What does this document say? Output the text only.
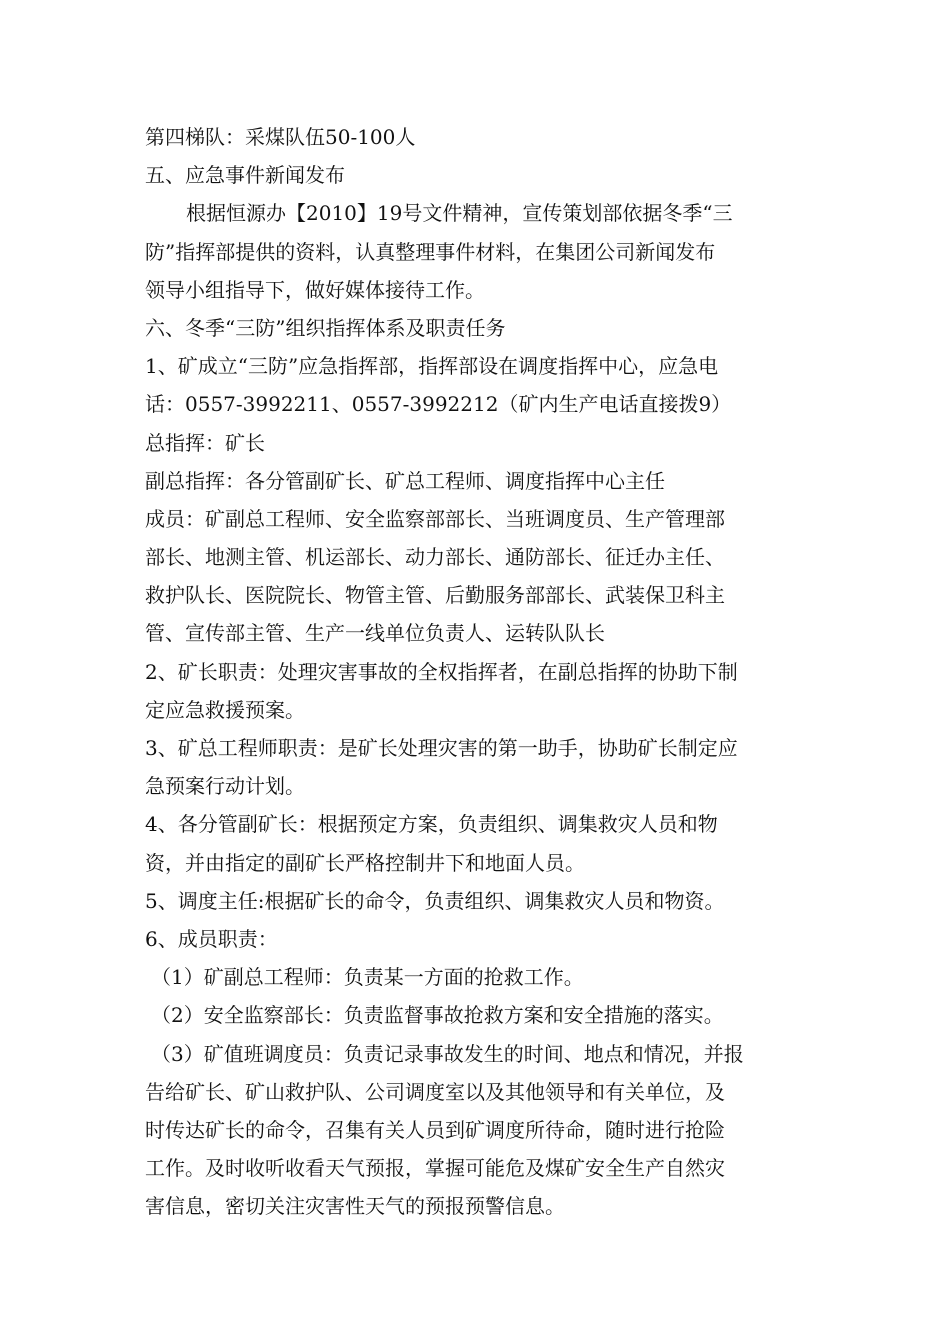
第四梯队：采煤队伍50-100人
五、应急事件新闻发布
根据恒源办【2010】19号文件精神，宣传策划部依据冬季“三
防”指挥部提供的资料，认真整理事件材料，在集团公司新闻发布
领导小组指导下，做好媒体接待工作。
六、冬季“三防”组织指挥体系及职责任务
1、矿成立“三防”应急指挥部，指挥部设在调度指挥中心，应急电
话：0557-3992211、0557-3992212（矿内生产电话直接拨9）
总指挥：矿长
副总指挥：各分管副矿长、矿总工程师、调度指挥中心主任
成员：矿副总工程师、安全监察部部长、当班调度员、生产管理部
部长、地测主管、机运部长、动力部长、通防部长、征迁办主任、
救护队长、医院院长、物管主管、后勤服务部部长、武装保卫科主
管、宣传部主管、生产一线单位负责人、运转队队长
2、矿长职责：处理灾害事故的全权指挥者，在副总指挥的协助下制
定应急救援预案。
3、矿总工程师职责：是矿长处理灾害的第一助手，协助矿长制定应
急预案行动计划。
4、各分管副矿长：根据预定方案，负责组织、调集救灾人员和物
资，并由指定的副矿长严格控制井下和地面人员。
5、调度主任:根据矿长的命令，负责组织、调集救灾人员和物资。
6、成员职责：
（1）矿副总工程师：负责某一方面的抢救工作。
（2）安全监察部长：负责监督事故抢救方案和安全措施的落实。
（3）矿值班调度员：负责记录事故发生的时间、地点和情况，并报
告给矿长、矿山救护队、公司调度室以及其他领导和有关单位，及
时传达矿长的命令，召集有关人员到矿调度所待命，随时进行抢险
工作。及时收听收看天气预报，掌握可能危及煤矿安全生产自然灾
害信息，密切关注灾害性天气的预报预警信息。
